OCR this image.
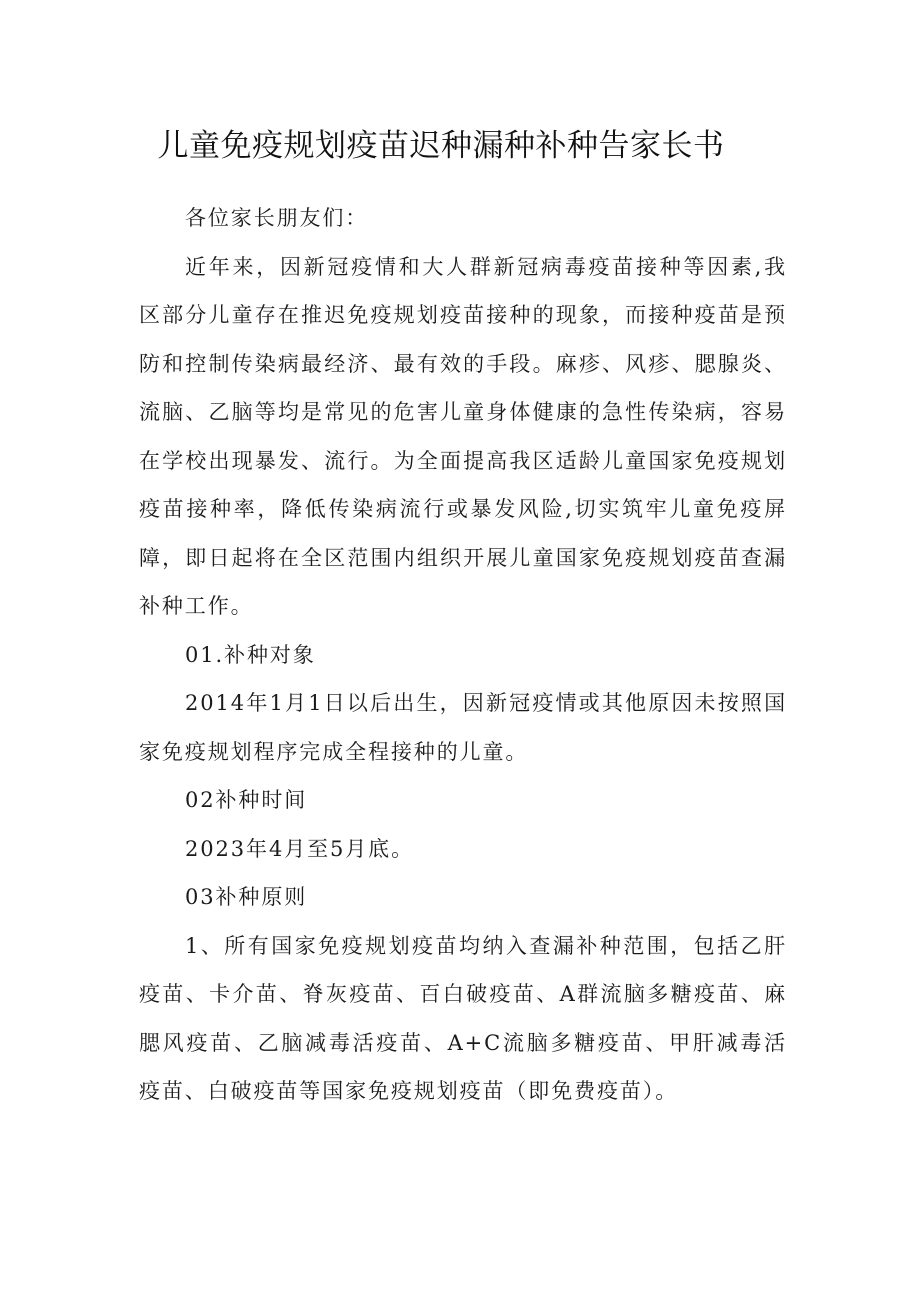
儿童免疫规划疫苗迟种漏种补种告家长书

各位家长朋友们：

近年来，因新冠疫情和大人群新冠病毒疫苗接种等因素,我区部分儿童存在推迟免疫规划疫苗接种的现象，而接种疫苗是预防和控制传染病最经济、最有效的手段。麻疹、风疹、腮腺炎、流脑、乙脑等均是常见的危害儿童身体健康的急性传染病，容易在学校出现暴发、流行。为全面提高我区适龄儿童国家免疫规划疫苗接种率，降低传染病流行或暴发风险,切实筑牢儿童免疫屏障，即日起将在全区范围内组织开展儿童国家免疫规划疫苗查漏补种工作。

01.补种对象

2014年1月1日以后出生，因新冠疫情或其他原因未按照国家免疫规划程序完成全程接种的儿童。

02补种时间

2023年4月至5月底。

03补种原则

1、所有国家免疫规划疫苗均纳入查漏补种范围，包括乙肝疫苗、卡介苗、脊灰疫苗、百白破疫苗、A群流脑多糖疫苗、麻腮风疫苗、乙脑减毒活疫苗、A+C流脑多糖疫苗、甲肝减毒活疫苗、白破疫苗等国家免疫规划疫苗（即免费疫苗）。
